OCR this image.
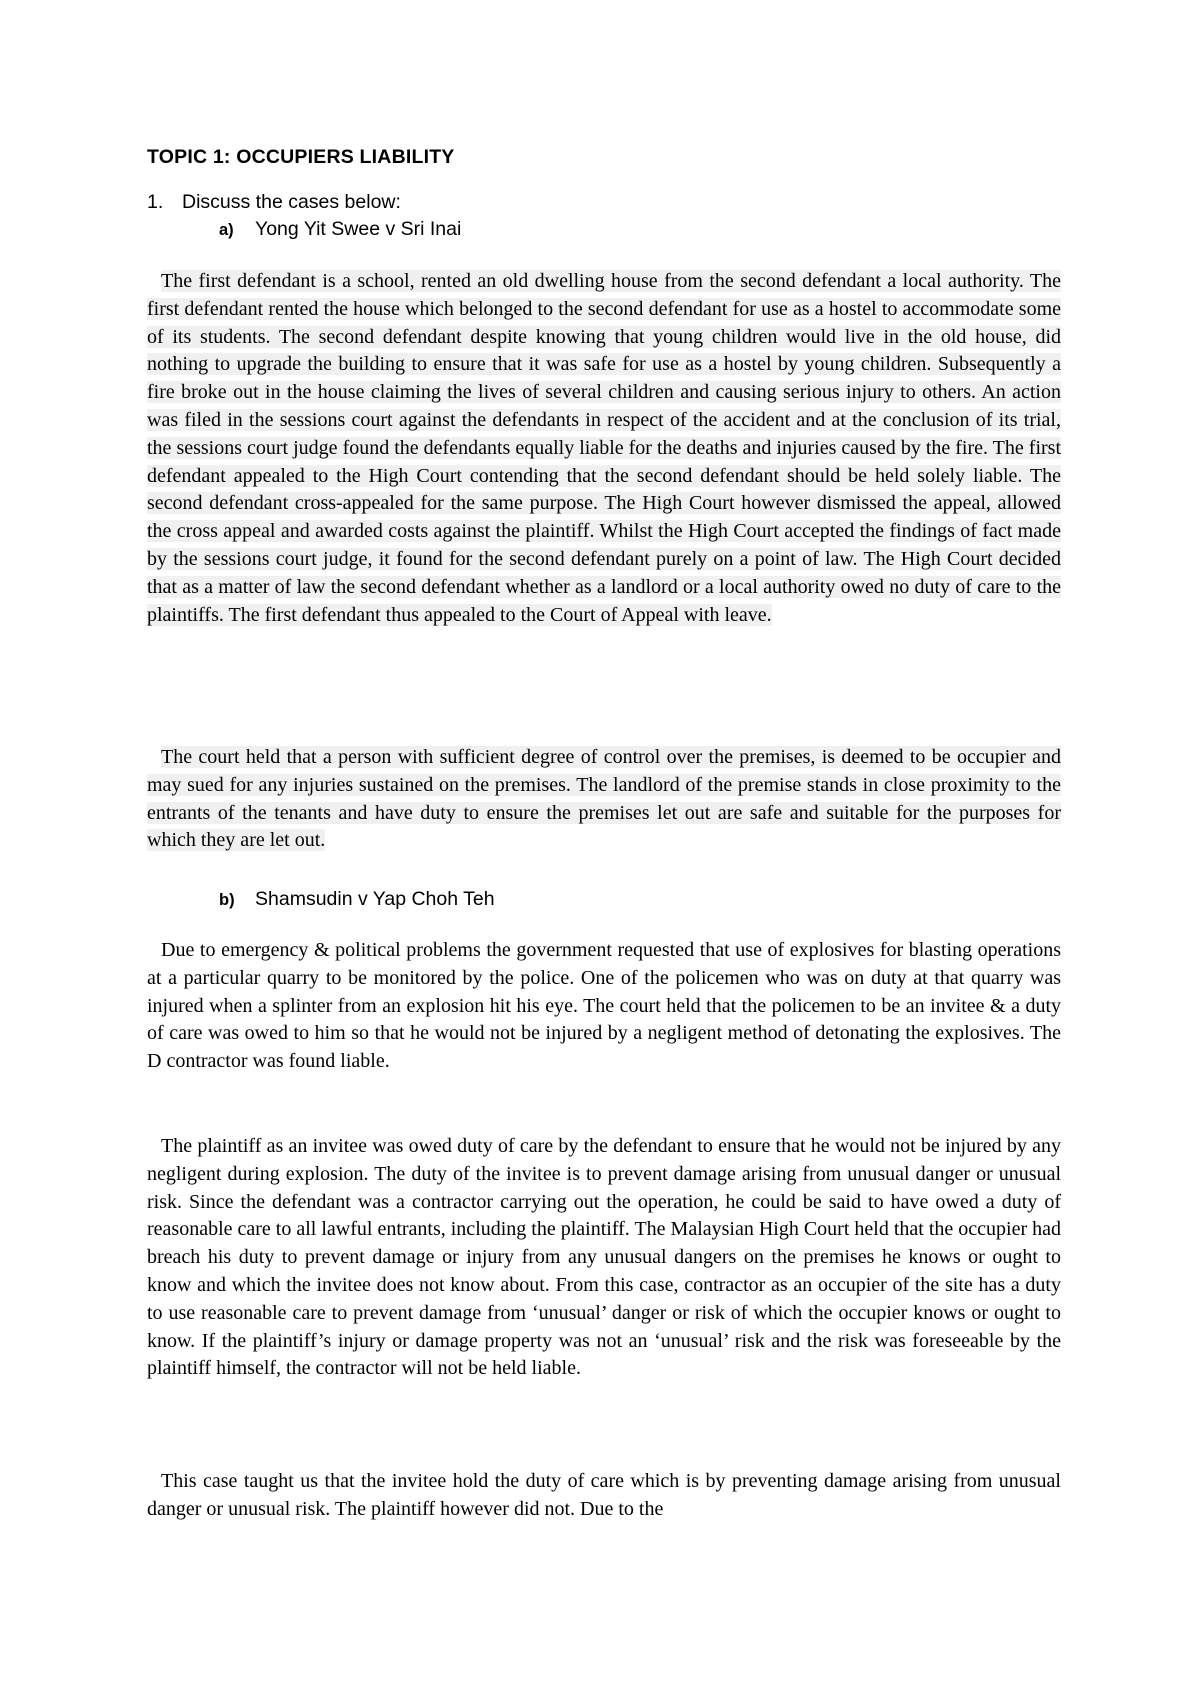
TOPIC 1: OCCUPIERS LIABILITY
1. Discuss the cases below:
a) Yong Yit Swee v Sri Inai

The first defendant is a school, rented an old dwelling house from the second defendant a local authority. The first defendant rented the house which belonged to the second defendant for use as a hostel to accommodate some of its students. The second defendant despite knowing that young children would live in the old house, did nothing to upgrade the building to ensure that it was safe for use as a hostel by young children. Subsequently a fire broke out in the house claiming the lives of several children and causing serious injury to others. An action was filed in the sessions court against the defendants in respect of the accident and at the conclusion of its trial, the sessions court judge found the defendants equally liable for the deaths and injuries caused by the fire. The first defendant appealed to the High Court contending that the second defendant should be held solely liable. The second defendant cross-appealed for the same purpose. The High Court however dismissed the appeal, allowed the cross appeal and awarded costs against the plaintiff. Whilst the High Court accepted the findings of fact made by the sessions court judge, it found for the second defendant purely on a point of law. The High Court decided that as a matter of law the second defendant whether as a landlord or a local authority owed no duty of care to the plaintiffs. The first defendant thus appealed to the Court of Appeal with leave.

The court held that a person with sufficient degree of control over the premises, is deemed to be occupier and may sued for any injuries sustained on the premises. The landlord of the premise stands in close proximity to the entrants of the tenants and have duty to ensure the premises let out are safe and suitable for the purposes for which they are let out.

b) Shamsudin v Yap Choh Teh

Due to emergency & political problems the government requested that use of explosives for blasting operations at a particular quarry to be monitored by the police. One of the policemen who was on duty at that quarry was injured when a splinter from an explosion hit his eye. The court held that the policemen to be an invitee & a duty of care was owed to him so that he would not be injured by a negligent method of detonating the explosives. The D contractor was found liable.

The plaintiff as an invitee was owed duty of care by the defendant to ensure that he would not be injured by any negligent during explosion. The duty of the invitee is to prevent damage arising from unusual danger or unusual risk. Since the defendant was a contractor carrying out the operation, he could be said to have owed a duty of reasonable care to all lawful entrants, including the plaintiff. The Malaysian High Court held that the occupier had breach his duty to prevent damage or injury from any unusual dangers on the premises he knows or ought to know and which the invitee does not know about. From this case, contractor as an occupier of the site has a duty to use reasonable care to prevent damage from ‘unusual’ danger or risk of which the occupier knows or ought to know. If the plaintiff’s injury or damage property was not an ‘unusual’ risk and the risk was foreseeable by the plaintiff himself, the contractor will not be held liable.

This case taught us that the invitee hold the duty of care which is by preventing damage arising from unusual danger or unusual risk. The plaintiff however did not. Due to the
